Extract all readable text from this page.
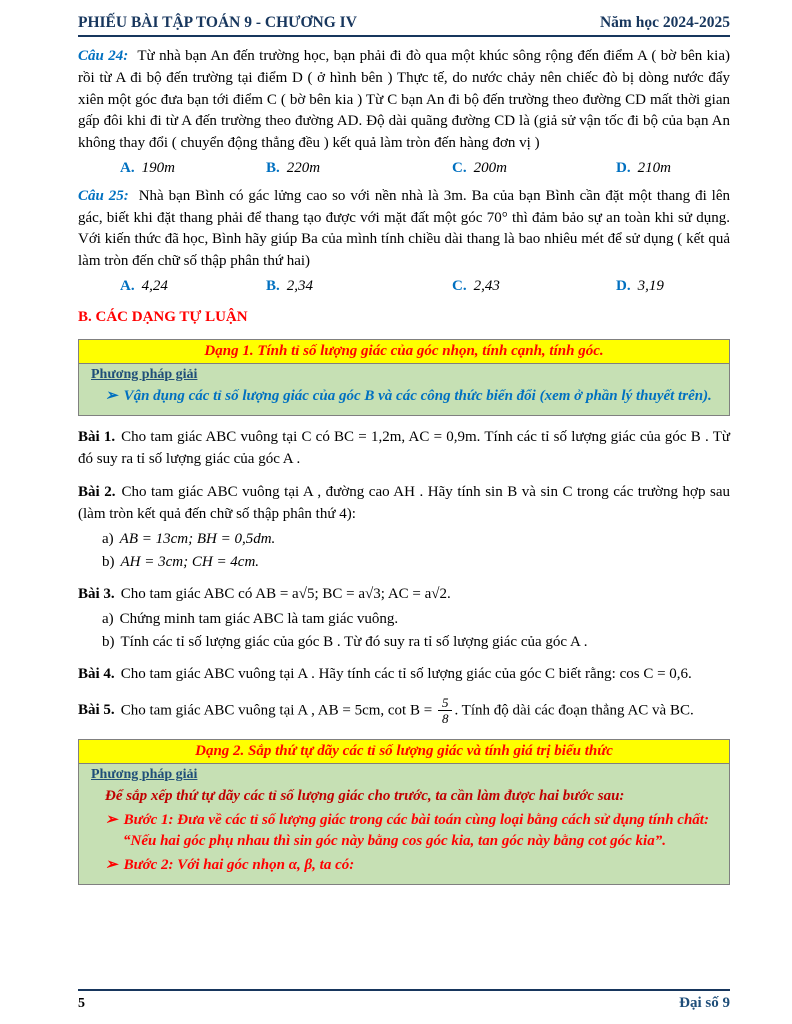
PHIẾU BÀI TẬP TOÁN 9 - CHƯƠNG IV	Năm học 2024-2025

Câu 24: Từ nhà bạn An đến trường học, bạn phải đi đò qua một khúc sông rộng đến điểm A ( bờ bên kia) rồi từ A đi bộ đến trường tại điểm D ( ở hình bên ) Thực tế, do nước chảy nên chiếc đò bị dòng nước đẩy xiên một góc đưa bạn tới điểm C ( bờ bên kia ) Từ C bạn An đi bộ đến trường theo đường CD mất thời gian gấp đôi khi đi từ A đến trường theo đường AD. Độ dài quãng đường CD là (giả sử vận tốc đi bộ của bạn An không thay đổi ( chuyển động thẳng đều ) kết quả làm tròn đến hàng đơn vị )

A. 190m	B. 220m	C. 200m	D. 210m

Câu 25: Nhà bạn Bình có gác lửng cao so với nền nhà là 3m. Ba của bạn Bình cần đặt một thang đi lên gác, biết khi đặt thang phải để thang tạo được với mặt đất một góc 70° thì đảm bảo sự an toàn khi sử dụng. Với kiến thức đã học, Bình hãy giúp Ba của mình tính chiều dài thang là bao nhiêu mét để sử dụng ( kết quả làm tròn đến chữ số thập phân thứ hai)

A. 4,24	B. 2,34	C. 2,43	D. 3,19

B. CÁC DẠNG TỰ LUẬN

Dạng 1. Tính tỉ số lượng giác của góc nhọn, tính cạnh, tính góc.
Phương pháp giải

➢ Vận dụng các tỉ số lượng giác của góc B và các công thức biến đổi (xem ở phần lý thuyết trên).

Bài 1. Cho tam giác ABC vuông tại C có BC = 1,2m, AC = 0,9m. Tính các tỉ số lượng giác của góc B . Từ đó suy ra tỉ số lượng giác của góc A .

Bài 2. Cho tam giác ABC vuông tại A , đường cao AH . Hãy tính sin B và sin C trong các trường hợp sau (làm tròn kết quả đến chữ số thập phân thứ 4):

a) AB = 13cm; BH = 0,5dm.

b) AH = 3cm; CH = 4cm.

Bài 3. Cho tam giác ABC có AB = a√5; BC = a√3; AC = a√2.

a) Chứng minh tam giác ABC là tam giác vuông.

b) Tính các tỉ số lượng giác của góc B . Từ đó suy ra tỉ số lượng giác của góc A .

Bài 4. Cho tam giác ABC vuông tại A . Hãy tính các tỉ số lượng giác của góc C biết rằng: cos C = 0,6.

Bài 5. Cho tam giác ABC vuông tại A , AB = 5cm, $\cot B = \frac{5}{8}$ . Tính độ dài các đoạn thẳng AC và BC.

Dạng 2. Sắp thứ tự dãy các tỉ số lượng giác và tính giá trị biểu thức
Phương pháp giải

Để sắp xếp thứ tự dãy các tỉ số lượng giác cho trước, ta cần làm được hai bước sau:

➢ Bước 1: Đưa về các tỉ số lượng giác trong các bài toán cùng loại bằng cách sử dụng tính chất: “Nếu hai góc phụ nhau thì sin góc này bằng cos góc kia, tan góc này bằng cot góc kia”.

➢ Bước 2: Với hai góc nhọn α, β, ta có:

5	Đại số 9
